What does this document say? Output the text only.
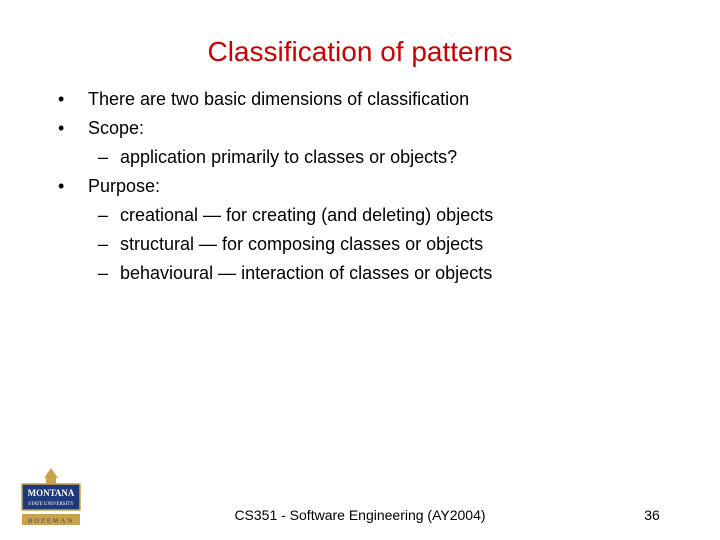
Classification of patterns
•	There are two basic dimensions of classification
•	Scope:
– application primarily to classes or objects?
•	Purpose:
– creational — for creating (and deleting) objects
– structural — for composing classes or objects
– behavioural — interaction of classes or objects
MONTANA
STATE UNIVERSITY
BOZEMAN	CS351 - Software Engineering (AY2004)	36
